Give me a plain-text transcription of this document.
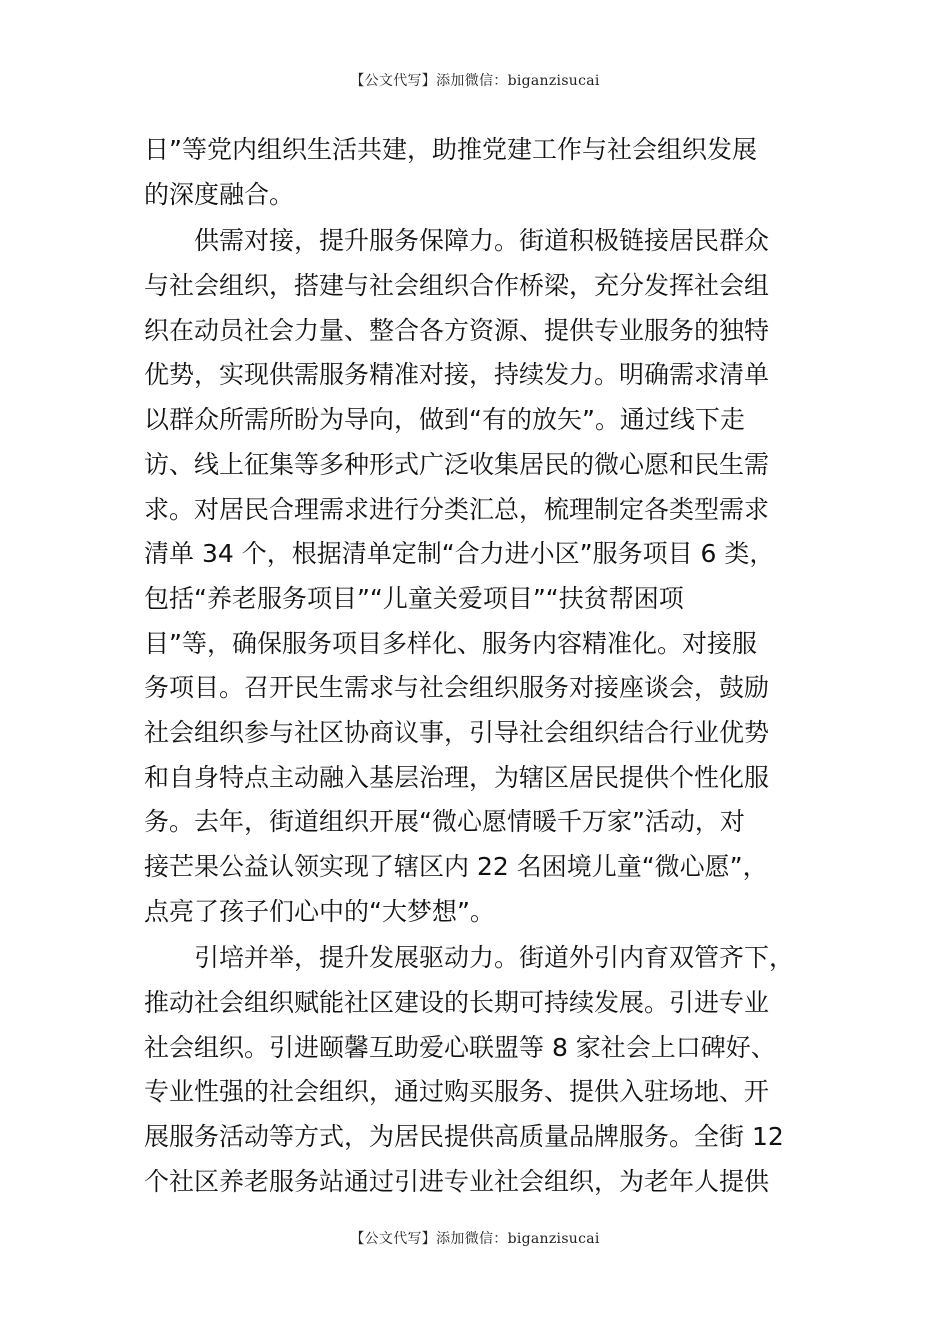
【公文代写】添加微信：biganzisucai
日”等党内组织生活共建，助推党建工作与社会组织发展
的深度融合。
供需对接，提升服务保障力。街道积极链接居民群众
与社会组织，搭建与社会组织合作桥梁，充分发挥社会组
织在动员社会力量、整合各方资源、提供专业服务的独特
优势，实现供需服务精准对接，持续发力。明确需求清单
以群众所需所盼为导向，做到“有的放矢”。通过线下走
访、线上征集等多种形式广泛收集居民的微心愿和民生需
求。对居民合理需求进行分类汇总，梳理制定各类型需求
清单 34 个，根据清单定制“合力进小区”服务项目 6 类，
包括“养老服务项目”“儿童关爱项目”“扶贫帮困项
目”等，确保服务项目多样化、服务内容精准化。对接服
务项目。召开民生需求与社会组织服务对接座谈会，鼓励
社会组织参与社区协商议事，引导社会组织结合行业优势
和自身特点主动融入基层治理，为辖区居民提供个性化服
务。去年，街道组织开展“微心愿情暖千万家”活动，对
接芒果公益认领实现了辖区内 22 名困境儿童“微心愿”，
点亮了孩子们心中的“大梦想”。
引培并举，提升发展驱动力。街道外引内育双管齐下，
推动社会组织赋能社区建设的长期可持续发展。引进专业
社会组织。引进颐馨互助爱心联盟等 8 家社会上口碑好、
专业性强的社会组织，通过购买服务、提供入驻场地、开
展服务活动等方式，为居民提供高质量品牌服务。全街 12
个社区养老服务站通过引进专业社会组织，为老年人提供
【公文代写】添加微信：biganzisucai
